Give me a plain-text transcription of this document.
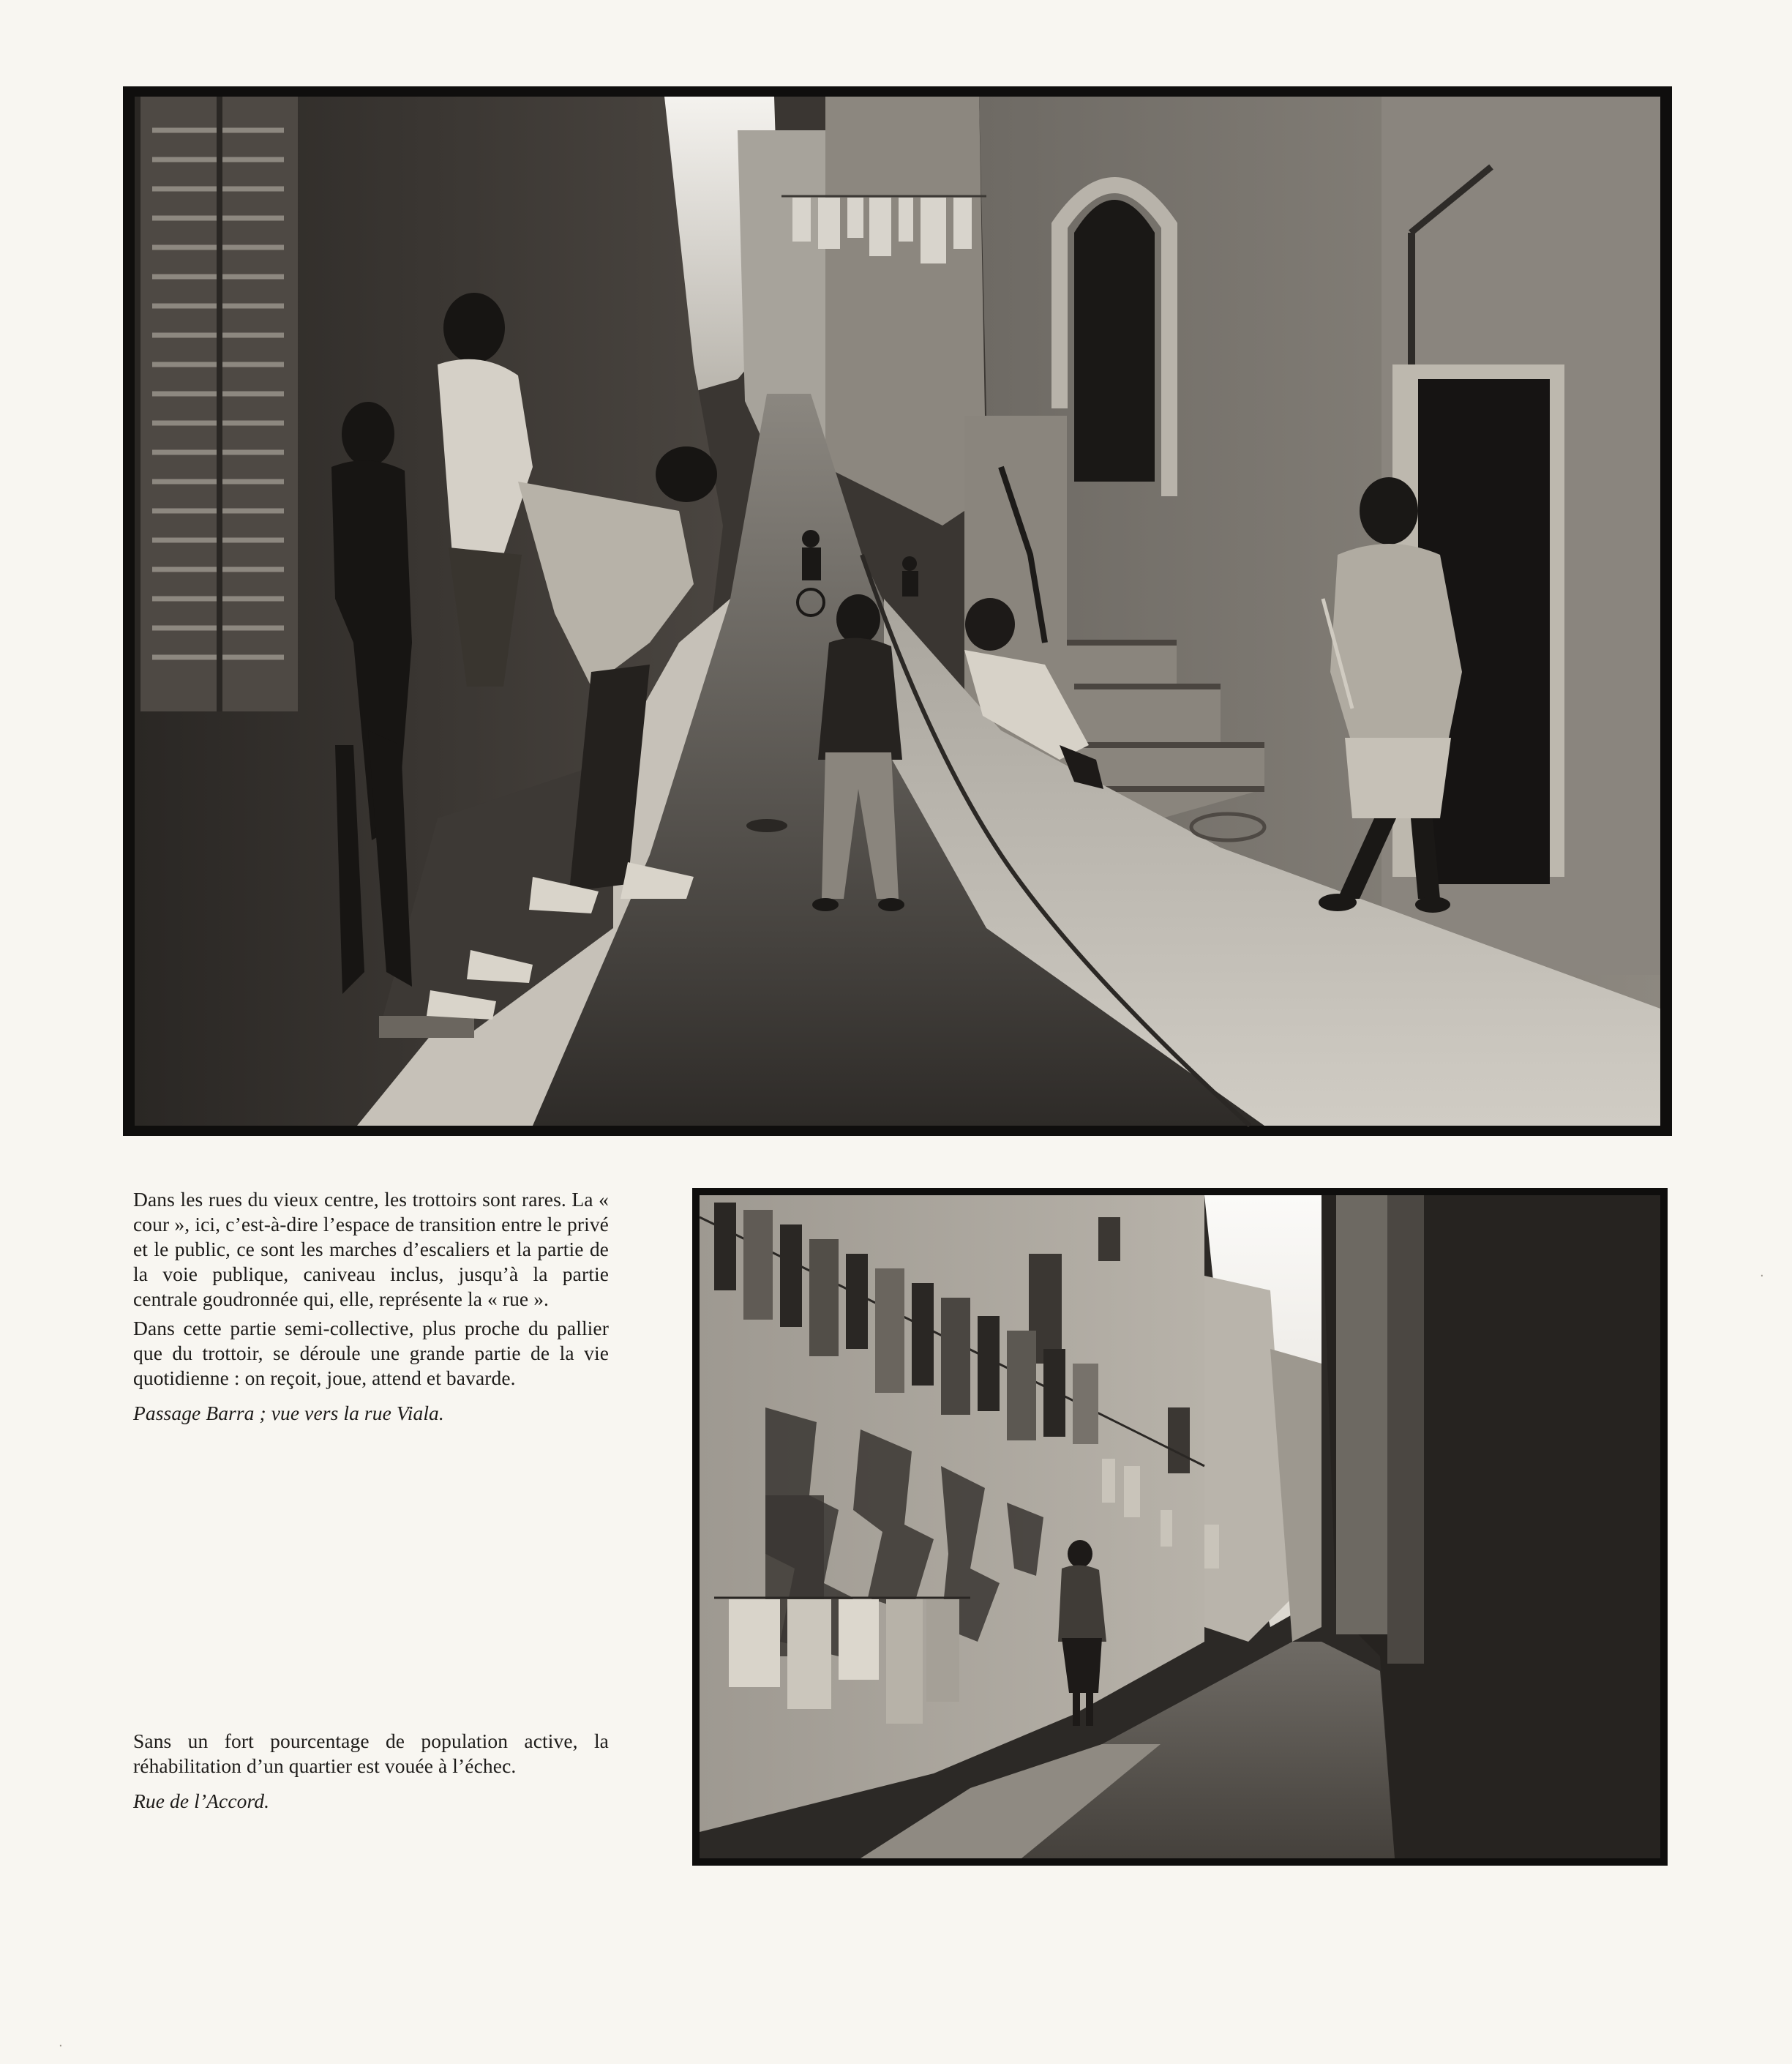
Dans les rues du vieux centre, les trottoirs sont rares. La « cour », ici, c’est-à-dire l’espace de transition entre le privé et le public, ce sont les marches d’escaliers et la partie de la voie publique, caniveau inclus, jusqu’à la partie centrale goudronnée qui, elle, représente la « rue ».

Dans cette partie semi-collective, plus proche du pallier que du trottoir, se déroule une grande partie de la vie quotidienne : on reçoit, joue, attend et bavarde.

Passage Barra ; vue vers la rue Viala.

Sans un fort pourcentage de population active, la réhabilitation d’un quartier est vouée à l’échec.

Rue de l’Accord.

·
·
